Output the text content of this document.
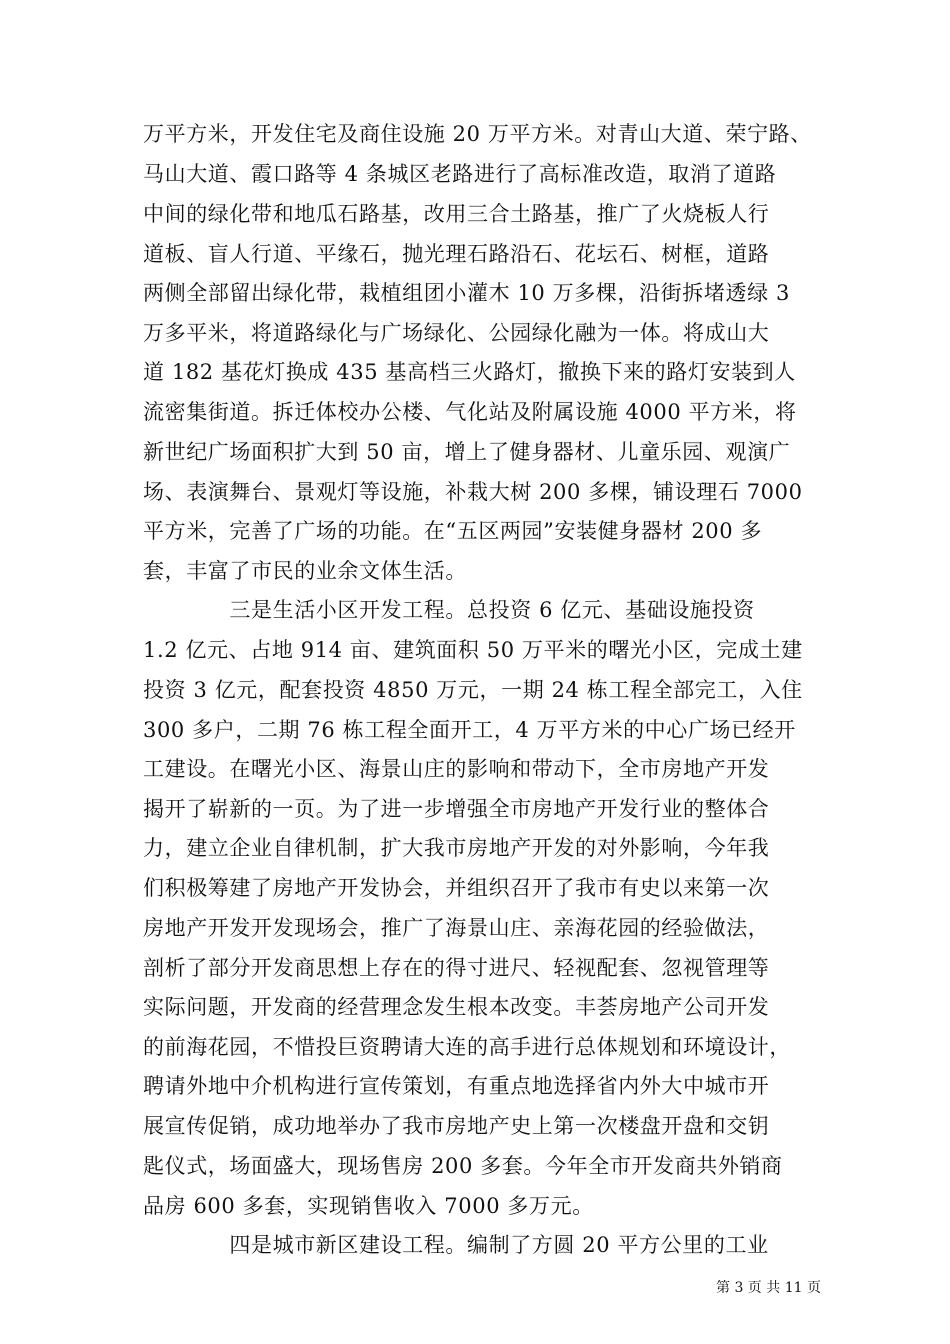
万平方米，开发住宅及商住设施 20 万平方米。对青山大道、荣宁路、
马山大道、霞口路等 4 条城区老路进行了高标准改造，取消了道路
中间的绿化带和地瓜石路基，改用三合土路基，推广了火烧板人行
道板、盲人行道、平缘石，抛光理石路沿石、花坛石、树框，道路
两侧全部留出绿化带，栽植组团小灌木 10 万多棵，沿街拆堵透绿 3
万多平米，将道路绿化与广场绿化、公园绿化融为一体。将成山大
道 182 基花灯换成 435 基高档三火路灯，撤换下来的路灯安装到人
流密集街道。拆迁体校办公楼、气化站及附属设施 4000 平方米，将
新世纪广场面积扩大到 50 亩，增上了健身器材、儿童乐园、观演广
场、表演舞台、景观灯等设施，补栽大树 200 多棵，铺设理石 7000
平方米，完善了广场的功能。在“五区两园”安装健身器材 200 多
套，丰富了市民的业余文体生活。
　　　　三是生活小区开发工程。总投资 6 亿元、基础设施投资
1.2 亿元、占地 914 亩、建筑面积 50 万平米的曙光小区，完成土建
投资 3 亿元，配套投资 4850 万元，一期 24 栋工程全部完工，入住
300 多户，二期 76 栋工程全面开工，4 万平方米的中心广场已经开
工建设。在曙光小区、海景山庄的影响和带动下，全市房地产开发
揭开了崭新的一页。为了进一步增强全市房地产开发行业的整体合
力，建立企业自律机制，扩大我市房地产开发的对外影响，今年我
们积极筹建了房地产开发协会，并组织召开了我市有史以来第一次
房地产开发开发现场会，推广了海景山庄、亲海花园的经验做法，
剖析了部分开发商思想上存在的得寸进尺、轻视配套、忽视管理等
实际问题，开发商的经营理念发生根本改变。丰荟房地产公司开发
的前海花园，不惜投巨资聘请大连的高手进行总体规划和环境设计，
聘请外地中介机构进行宣传策划，有重点地选择省内外大中城市开
展宣传促销，成功地举办了我市房地产史上第一次楼盘开盘和交钥
匙仪式，场面盛大，现场售房 200 多套。今年全市开发商共外销商
品房 600 多套，实现销售收入 7000 多万元。
　　　　四是城市新区建设工程。编制了方圆 20 平方公里的工业
第 3 页 共 11 页
